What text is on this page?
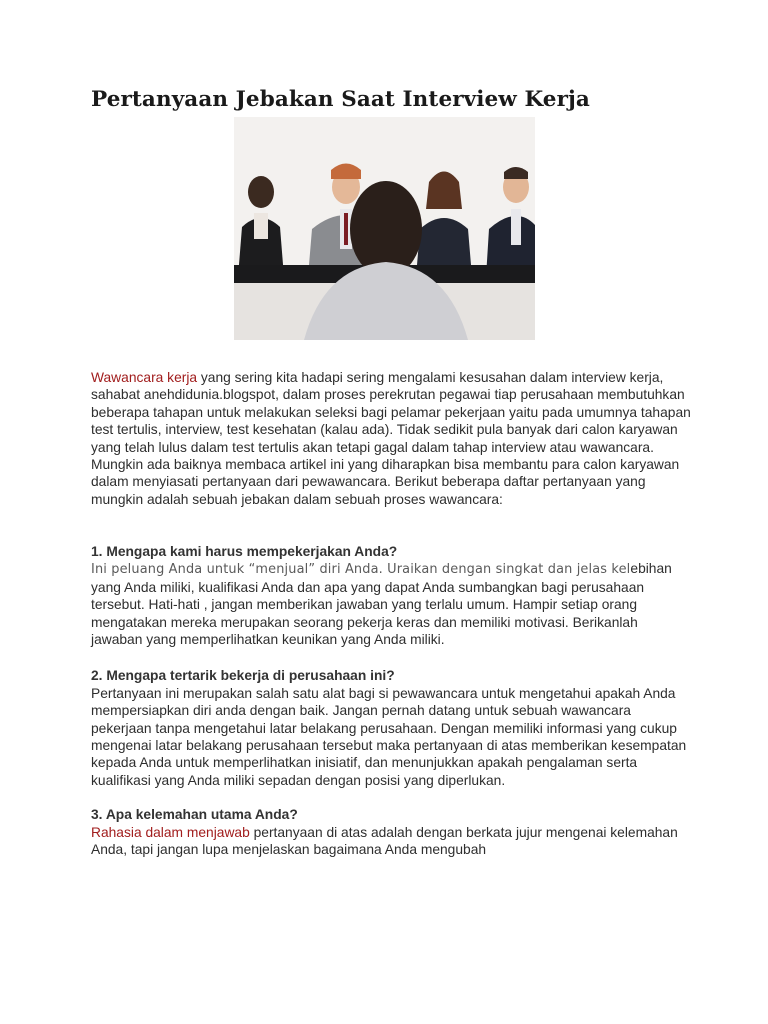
Pertanyaan Jebakan Saat Interview Kerja

Wawancara kerja yang sering kita hadapi sering mengalami kesusahan dalam interview kerja, sahabat anehdidunia.blogspot, dalam proses perekrutan pegawai tiap perusahaan membutuhkan beberapa tahapan untuk melakukan seleksi bagi pelamar pekerjaan yaitu pada umumnya tahapan test tertulis, interview, test kesehatan (kalau ada). Tidak sedikit pula banyak dari calon karyawan yang telah lulus dalam test tertulis akan tetapi gagal dalam tahap interview atau wawancara. Mungkin ada baiknya membaca artikel ini yang diharapkan bisa membantu para calon karyawan dalam menyiasati pertanyaan dari pewawancara. Berikut beberapa daftar pertanyaan yang mungkin adalah sebuah jebakan dalam sebuah proses wawancara:

1. Mengapa kami harus mempekerjakan Anda?

Ini peluang Anda untuk “menjual” diri Anda. Uraikan dengan singkat dan jelas kelebihan yang Anda miliki, kualifikasi Anda dan apa yang dapat Anda sumbangkan bagi perusahaan tersebut. Hati-hati , jangan memberikan jawaban yang terlalu umum. Hampir setiap orang mengatakan mereka merupakan seorang pekerja keras dan memiliki motivasi. Berikanlah jawaban yang memperlihatkan keunikan yang Anda miliki.

2. Mengapa tertarik bekerja di perusahaan ini?

Pertanyaan ini merupakan salah satu alat bagi si pewawancara untuk mengetahui apakah Anda mempersiapkan diri anda dengan baik. Jangan pernah datang untuk sebuah wawancara pekerjaan tanpa mengetahui latar belakang perusahaan. Dengan memiliki informasi yang cukup mengenai latar belakang perusahaan tersebut maka pertanyaan di atas memberikan kesempatan kepada Anda untuk memperlihatkan inisiatif, dan menunjukkan apakah pengalaman serta kualifikasi yang Anda miliki sepadan dengan posisi yang diperlukan.

3. Apa kelemahan utama Anda?

Rahasia dalam menjawab pertanyaan di atas adalah dengan berkata jujur mengenai kelemahan Anda, tapi jangan lupa menjelaskan bagaimana Anda mengubah
